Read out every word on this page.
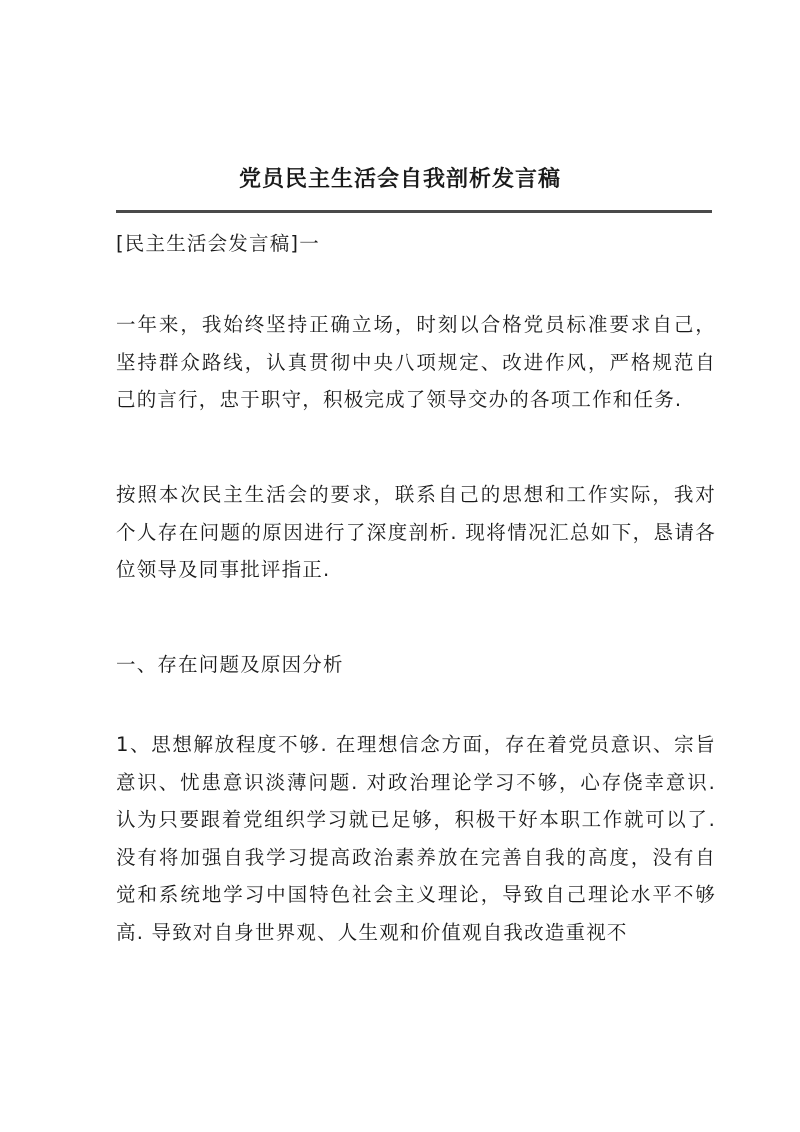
党员民主生活会自我剖析发言稿

[民主生活会发言稿]一

一年来，我始终坚持正确立场，时刻以合格党员标准要求自己，坚持群众路线，认真贯彻中央八项规定、改进作风，严格规范自己的言行，忠于职守，积极完成了领导交办的各项工作和任务.

按照本次民主生活会的要求，联系自己的思想和工作实际，我对个人存在问题的原因进行了深度剖析. 现将情况汇总如下，恳请各位领导及同事批评指正.

一、存在问题及原因分析

1、思想解放程度不够. 在理想信念方面，存在着党员意识、宗旨意识、忧患意识淡薄问题. 对政治理论学习不够，心存侥幸意识. 认为只要跟着党组织学习就已足够，积极干好本职工作就可以了. 没有将加强自我学习提高政治素养放在完善自我的高度，没有自觉和系统地学习中国特色社会主义理论，导致自己理论水平不够高. 导致对自身世界观、人生观和价值观自我改造重视不
